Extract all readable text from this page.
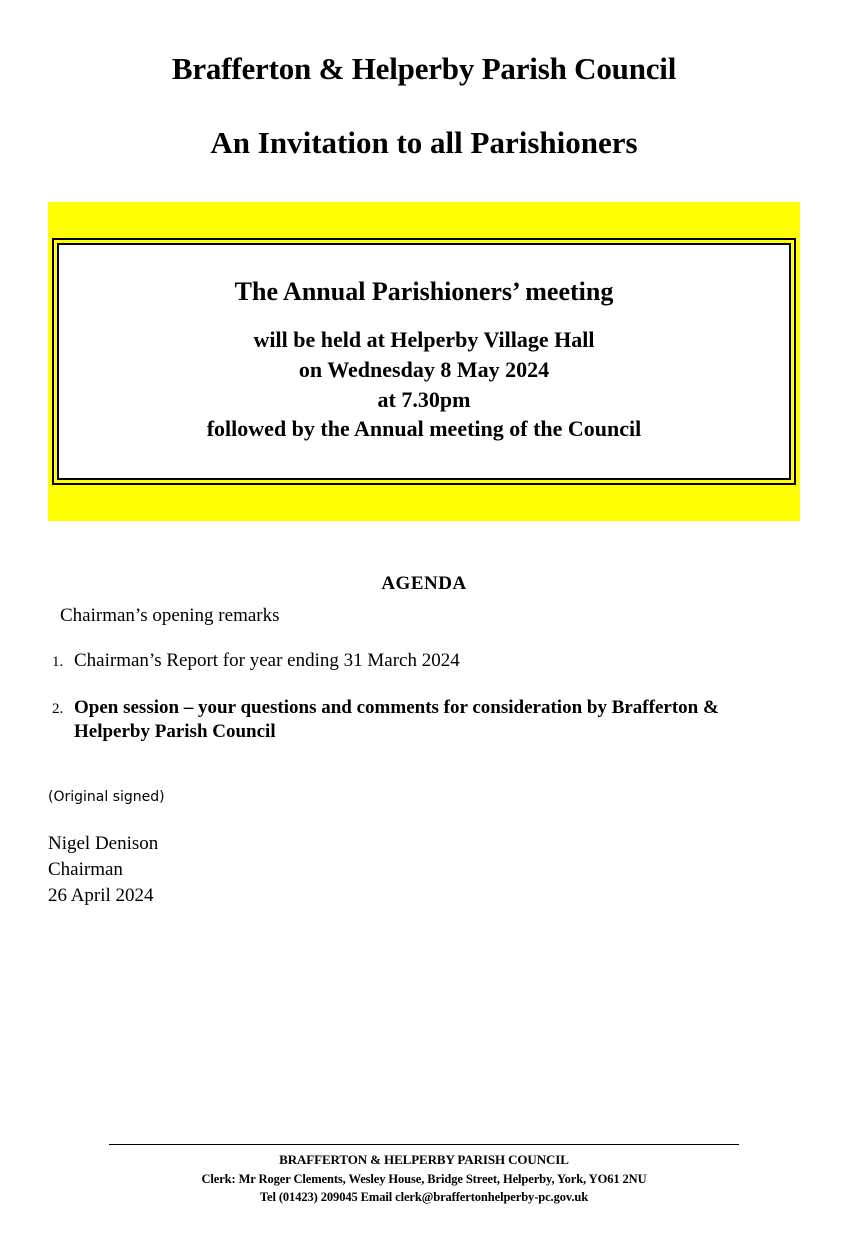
Brafferton & Helperby Parish Council
An Invitation to all Parishioners
The Annual Parishioners’ meeting
will be held at Helperby Village Hall
on Wednesday 8 May 2024
at 7.30pm
followed by the Annual meeting of the Council
AGENDA
Chairman’s opening remarks
1. Chairman’s Report for year ending 31 March 2024
2. Open session – your questions and comments for consideration by Brafferton & Helperby Parish Council
(Original signed)
Nigel Denison
Chairman
26 April 2024
BRAFFERTON & HELPERBY PARISH COUNCIL
Clerk: Mr Roger Clements, Wesley House, Bridge Street, Helperby, York, YO61 2NU
Tel (01423) 209045 Email clerk@braffertonhelperby-pc.gov.uk
